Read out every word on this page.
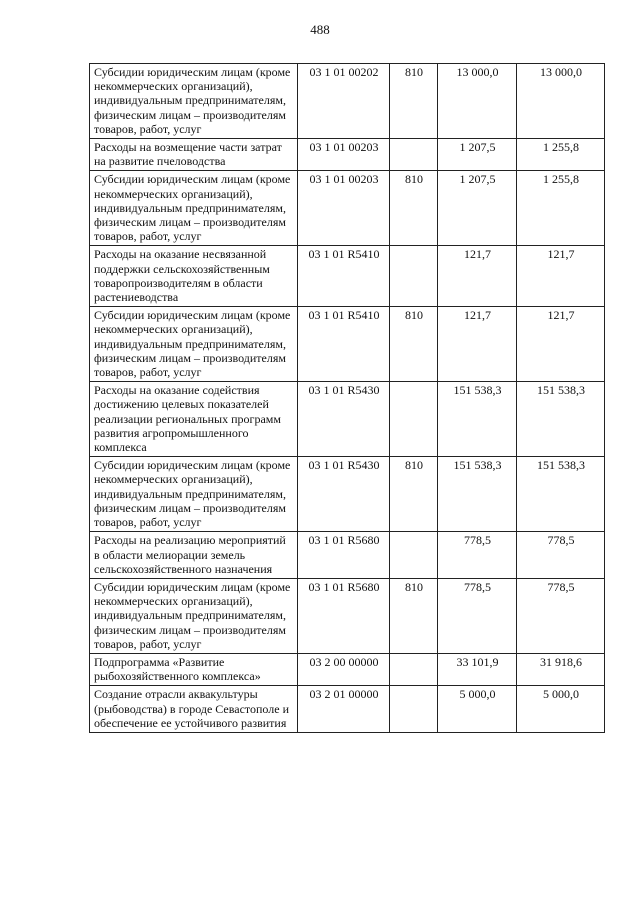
488
Субсидии юридическим лицам (кроме некоммерческих организаций), индивидуальным предпринимателям, физическим лицам – производителям товаров, работ, услуг	03 1 01 00202	810	13 000,0	13 000,0
Расходы на возмещение части затрат на развитие пчеловодства	03 1 01 00203		1 207,5	1 255,8
Субсидии юридическим лицам (кроме некоммерческих организаций), индивидуальным предпринимателям, физическим лицам – производителям товаров, работ, услуг	03 1 01 00203	810	1 207,5	1 255,8
Расходы на оказание несвязанной поддержки сельскохозяйственным товаропроизводителям в области растениеводства	03 1 01 R5410		121,7	121,7
Субсидии юридическим лицам (кроме некоммерческих организаций), индивидуальным предпринимателям, физическим лицам – производителям товаров, работ, услуг	03 1 01 R5410	810	121,7	121,7
Расходы на оказание содействия достижению целевых показателей реализации региональных программ развития агропромышленного комплекса	03 1 01 R5430		151 538,3	151 538,3
Субсидии юридическим лицам (кроме некоммерческих организаций), индивидуальным предпринимателям, физическим лицам – производителям товаров, работ, услуг	03 1 01 R5430	810	151 538,3	151 538,3
Расходы на реализацию мероприятий в области мелиорации земель сельскохозяйственного назначения	03 1 01 R5680		778,5	778,5
Субсидии юридическим лицам (кроме некоммерческих организаций), индивидуальным предпринимателям, физическим лицам – производителям товаров, работ, услуг	03 1 01 R5680	810	778,5	778,5
Подпрограмма «Развитие рыбохозяйственного комплекса»	03 2 00 00000		33 101,9	31 918,6
Создание отрасли аквакультуры (рыбоводства) в городе Севастополе и обеспечение ее устойчивого развития	03 2 01 00000		5 000,0	5 000,0
